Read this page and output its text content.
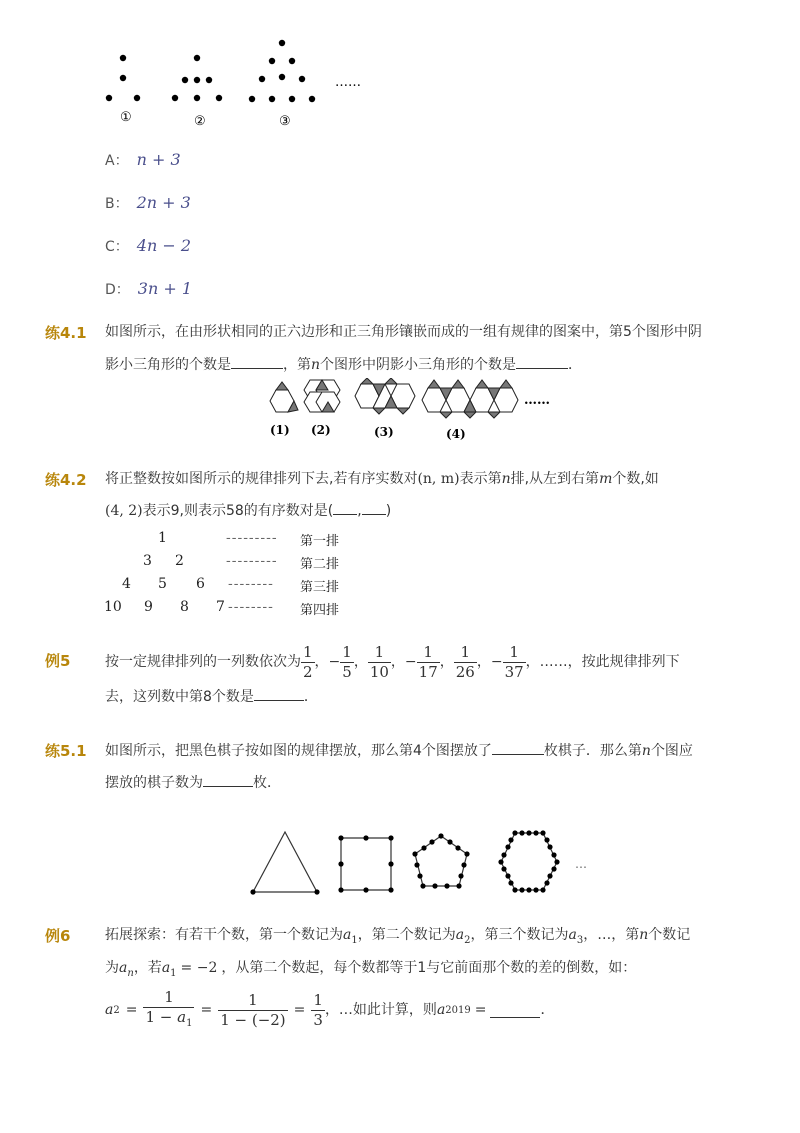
……
①	②	③
A： n + 3
B： 2n + 3
C： 4n − 2
D： 3n + 1
练4.1 如图所示，在由形状相同的正六边形和正三角形镶嵌而成的一组有规律的图案中，第5个图形中阴
影小三角形的个数是	，第n个图形中阴影小三角形的个数是	．
……
(1) (2)	(3)	(4)
练4.2 将正整数按如图所示的规律排列下去,若有序实数对(n, m)表示第n排,从左到右第m个数,如
(4, 2)表示9,则表示58的有序数对是( , )
1	--------- 第一排
3 2	--------- 第二排
4 5 6 -------- 第三排
10 9 8 7 -------- 第四排
例5 按一定规律排列的一列数依次为 $\frac{1}{2}$ ， − $\frac{1}{5}$ ， $\frac{1}{10}$ ， − $\frac{1}{17}$ ， $\frac{1}{26}$ ， − $\frac{1}{37}$ ，……，按此规律排列下
去，这列数中第8个数是	．
练5.1 如图所示，把黑色棋子按如图的规律摆放，那么第4个图摆放了	枚棋子．那么第n个图应
摆放的棋子数为	枚．
…
例6 拓展探索：有若干个数，第一个数记为$a_1$，第二个数记为$a_2$，第三个数记为$a_3$，…，第n个数记
为$a_n$，若$a_1 = -2$ ，从第二个数起，每个数都等于1与它前面那个数的差的倒数，如：
a $2 = \frac{1}{1 - a_1} = \frac{1}{1 - (-2)} = \frac{1}{3}$ ，…如此计算，则 a 2019 =	．
